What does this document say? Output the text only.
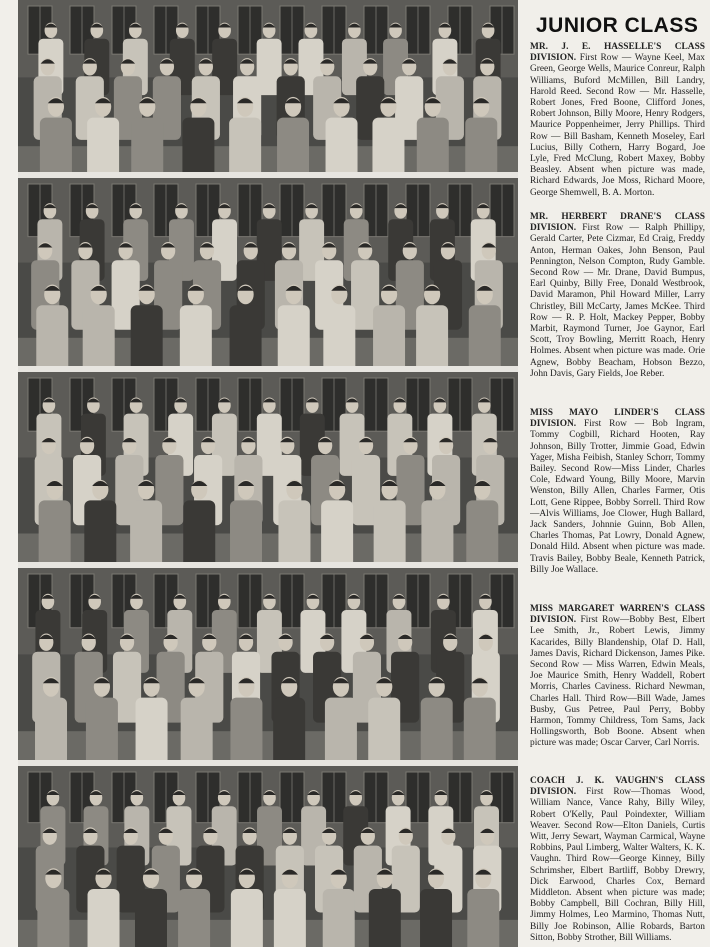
JUNIOR CLASS

MR. J. E. HASSELLE'S CLASS DIVISION. First Row — Wayne Keel, Max Green, George Wells, Maurice Conreur, Ralph Williams, Buford McMillen, Bill Landry, Harold Reed. Second Row — Mr. Hasselle, Robert Jones, Fred Boone, Clifford Jones, Robert Johnson, Billy Moore, Henry Rodgers, Maurice Poppenheimer, Jerry Phillips. Third Row — Bill Basham, Kenneth Moseley, Earl Lucius, Billy Cothern, Harry Bogard, Joe Lyle, Fred McClung, Robert Maxey, Bobby Beasley. Absent when picture was made, Richard Edwards, Joe Moss, Richard Moore, George Shemwell, B. A. Morton.

MR. HERBERT DRANE'S CLASS DIVISION. First Row — Ralph Phillipy, Gerald Carter, Pete Cizmar, Ed Craig, Freddy Anton, Herman Oakes, John Benson, Paul Pennington, Nelson Compton, Rudy Gamble. Second Row — Mr. Drane, David Bumpus, Earl Quinby, Billy Free, Donald Westbrook, David Maramon, Phil Howard Miller, Larry Christley, Bill McCarty, James McKee. Third Row — R. P. Holt, Mackey Pepper, Bobby Marbit, Raymond Turner, Joe Gaynor, Earl Scott, Troy Bowling, Merritt Roach, Henry Holmes. Absent when picture was made. Orie Agnew, Bobby Beacham, Hobson Bezzo, John Davis, Gary Fields, Joe Reber.

MISS MAYO LINDER'S CLASS DIVISION. First Row — Bob Ingram, Tommy Cogbill, Richard Hooten, Ray Johnson, Billy Trotter, Jimmie Goad, Edwin Yager, Misha Feibish, Stanley Schorr, Tommy Bailey. Second Row—Miss Linder, Charles Cole, Edward Young, Billy Moore, Marvin Wenston, Billy Allen, Charles Farmer, Otis Lott, Gene Rippee, Bobby Sorrell. Third Row—Alvis Williams, Joe Clower, Hugh Ballard, Jack Sanders, Johnnie Guinn, Bob Allen, Charles Thomas, Pat Lowry, Donald Agnew, Donald Hild. Absent when picture was made. Travis Bailey, Bobby Beale, Kenneth Patrick, Billy Joe Wallace.

MISS MARGARET WARREN'S CLASS DIVISION. First Row—Bobby Best, Elbert Lee Smith, Jr., Robert Lewis, Jimmy Kacarides, Billy Blandenship, Olaf D. Hall, James Davis, Richard Dickenson, James Pike. Second Row — Miss Warren, Edwin Meals, Joe Maurice Smith, Henry Waddell, Robert Morris, Charles Caviness. Richard Newman, Charles Hall. Third Row—Bill Wade, James Busby, Gus Petree, Paul Perry, Bobby Harmon, Tommy Childress, Tom Sams, Jack Hollingsworth, Bob Boone. Absent when picture was made; Oscar Carver, Carl Norris.

COACH J. K. VAUGHN'S CLASS DIVISION. First Row—Thomas Wood, William Nance, Vance Rahy, Billy Wiley, Robert O'Kelly, Paul Poindexter, William Weaver. Second Row—Elton Daniels, Curtis Witt, Jerry Sewart, Wayman Carmical, Wayne Robbins, Paul Limberg, Walter Walters, K. K. Vaughn. Third Row—George Kinney, Billy Schrimsher, Elbert Bartliff, Bobby Drewry, Dick Earwood, Charles Cox, Bernard Middleton. Absent when picture was made; Bobby Campbell, Bill Cochran, Billy Hill, Jimmy Holmes, Leo Marmino, Thomas Nutt, Billy Joe Robinson, Allie Robards, Barton Sitton, Bobby Strother, Bill Williams.
